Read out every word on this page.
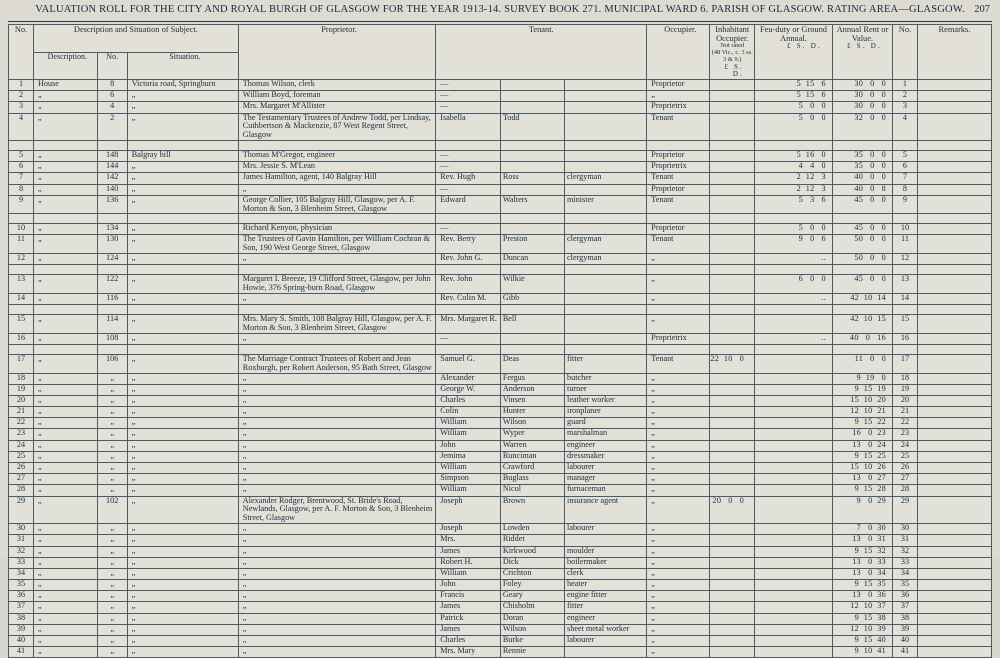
VALUATION ROLL FOR THE CITY AND ROYAL BURGH OF GLASGOW FOR THE YEAR 1913-14. SURVEY BOOK 271. MUNICIPAL WARD 6. PARISH OF GLASGOW. RATING AREA—GLASGOW. 207
No.	Description and Situation of Subject.			Proprietor.	Tenant.			Occupier.	Inhabitant Occupier.
Not rated
(48 Vic., c. 3 ss. 3 & 9.)
£ S. D.	Feu-duty or Ground Annual.
£ S. D.	Annual Rent or Value.
£ S. D.	No.	Remarks.
	Description.	No.	Situation.										
1	House	8	Victoria road, Springburn	Thomas Wilson, clerk	—			Proprietor		5  15   6	30   0   0	1	
2	„	6	„	William Boyd, foreman	—			„		5  15   6	30   0   0	2	
3	„	4	„	Mrs. Margaret M'Allister	—			Proprietrix		5   0   0	30   0   0	3	
4	„	2	„	The Testamentary Trustees of Andrew Todd, per Lindsay, Cuthbertson & Mackenzie, 87 West Regent Street, Glasgow	Isabella	Todd		Tenant		5   0   0	32   0   0	4	

5	„	148	Balgray hill	Thomas M'Gregor, engineer	—			Proprietor		5  16   0	35   0   0	5	
6	„	144	„	Mrs. Jessie S. M'Lean	—			Proprietrix		4   4   0	35   0   0	6	
7	„	142	„	James Hamilton, agent, 140 Balgray Hill	Rev. Hugh	Ross	clergyman	Tenant		2  12   3	40   0   0	7	
8	„	140	„	„	—			Proprietor		2  12   3	40   0   8	8	
9	„	136	„	George Collier, 105 Balgray Hill, Glasgow, per A. F. Morton & Son, 3 Blenheim Street, Glasgow	Edward	Walters	minister	Tenant		5   3   6	45   0   0	9	

10	„	134	„	Richard Kenyon, physician	—			Proprietor		5   0   0	45   0   0	10	
11	„	130	„	The Trustees of Gavin Hamilton, per William Cochran & Son, 190 West George Street, Glasgow	Rev. Berry	Preston	clergyman	Tenant		9   0   6	50   0   0	11	
12	„	124	„	„	Rev. John G.	Duncan	clergyman	„		..	50   0   0	12	

13	„	122	„	Margaret I. Breeze, 19 Clifford Street, Glasgow, per John Howie, 376 Spring-burn Road, Glasgow	Rev. John	Wilkie		„		6   0   0	45   0   0	13	
14	„	116	„	„	Rev. Colin M.	Gibb		„		..	42  10  14	14	

15	„	114	„	Mrs. Mary S. Smith, 108 Balgray Hill, Glasgow, per A. F. Morton & Son, 3 Blenheim Street, Glasgow	Mrs. Margaret R.	Bell		„			42  10  15	15	
16	„	108	„	„	—			Proprietrix		..	40   0   16	16	

17	„	106	„	The Marriage Contract Trustees of Robert and Jean Roxburgh, per Robert Anderson, 95 Bath Street, Glasgow	Samuel G.	Deas	fitter	Tenant	22  10   0		11   0   0	17	
18	„	„	„	„	Alexander	Fergus	butcher	„			9  19   0	18	
19	„	„	„	„	George W.	Anderson	turner	„			9  15  19	19	
20	„	„	„	„	Charles	Vinsen	leather worker	„			15  10  20	20	
21	„	„	„	„	Colin	Hunter	ironplaner	„			12  10  21	21	
22	„	„	„	„	William	Wilson	guard	„			9  15  22	22	
23	„	„	„	„	William	Wyper	marshalman	„			16   0  23	23	
24	„	„	„	„	John	Warren	engineer	„			13   0  24	24	
25	„	„	„	„	Jemima	Runciman	dressmaker	„			9  15  25	25	
26	„	„	„	„	William	Crawford	labourer	„			15  10  26	26	
27	„	„	„	„	Simpson	Buglass	manager	„			13   0  27	27	
28	„	„	„	„	William	Nicol	furnaceman	„			9  15  28	28	
29	„	102	„	Alexander Rodger, Brentwood, St. Bride's Road, Newlands, Glasgow, per A. F. Morton & Son, 3 Blenheim Street, Glasgow	Joseph	Brown	insurance agent	„	20   0   0		9   0  29	29	
30	„	„	„	„	Joseph	Lowden	labourer	„			7   0  30	30	
31	„	„	„	„	Mrs.	Riddet		„			13   0  31	31	
32	„	„	„	„	James	Kirkwood	moulder	„			9  15  32	32	
33	„	„	„	„	Robert H.	Dick	boilermaker	„			13   0  33	33	
34	„	„	„	„	William	Crichton	clerk	„			13   0  34	34	
35	„	„	„	„	John	Foley	heater	„			9  15  35	35	
36	„	„	„	„	Francis	Geary	engine fitter	„			13   0  36	36	
37	„	„	„	„	James	Chisholm	fitter	„			12  10  37	37	
38	„	„	„	„	Patrick	Doran	engineer	„			9  15  38	38	
39	„	„	„	„	James	Wilson	sheet metal worker	„			12  10  39	39	
40	„	„	„	„	Charles	Burke	labourer	„			9  15  40	40	
41	„	„	„	„	Mrs. Mary	Rennie		„			9  10  41	41	
